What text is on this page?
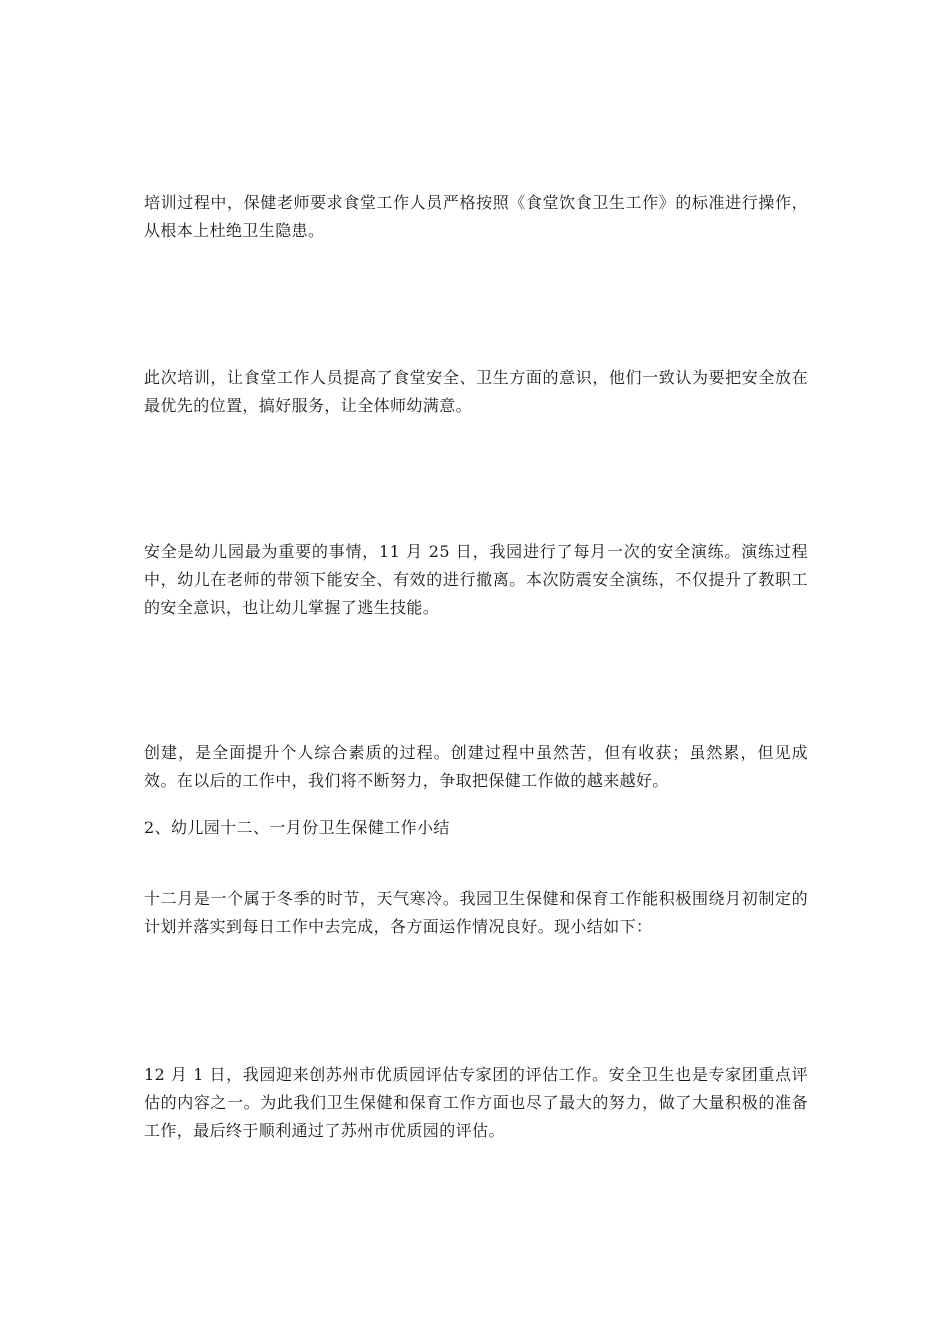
培训过程中，保健老师要求食堂工作人员严格按照《食堂饮食卫生工作》的标准进行操作，从根本上杜绝卫生隐患。

此次培训，让食堂工作人员提高了食堂安全、卫生方面的意识，他们一致认为要把安全放在最优先的位置，搞好服务，让全体师幼满意。

安全是幼儿园最为重要的事情，11 月 25 日，我园进行了每月一次的安全演练。演练过程中，幼儿在老师的带领下能安全、有效的进行撤离。本次防震安全演练，不仅提升了教职工的安全意识，也让幼儿掌握了逃生技能。

创建，是全面提升个人综合素质的过程。创建过程中虽然苦，但有收获；虽然累，但见成效。在以后的工作中，我们将不断努力，争取把保健工作做的越来越好。

2、幼儿园十二、一月份卫生保健工作小结

十二月是一个属于冬季的时节，天气寒冷。我园卫生保健和保育工作能积极围绕月初制定的计划并落实到每日工作中去完成，各方面运作情况良好。现小结如下：

12 月 1 日，我园迎来创苏州市优质园评估专家团的评估工作。安全卫生也是专家团重点评估的内容之一。为此我们卫生保健和保育工作方面也尽了最大的努力，做了大量积极的准备工作，最后终于顺利通过了苏州市优质园的评估。
